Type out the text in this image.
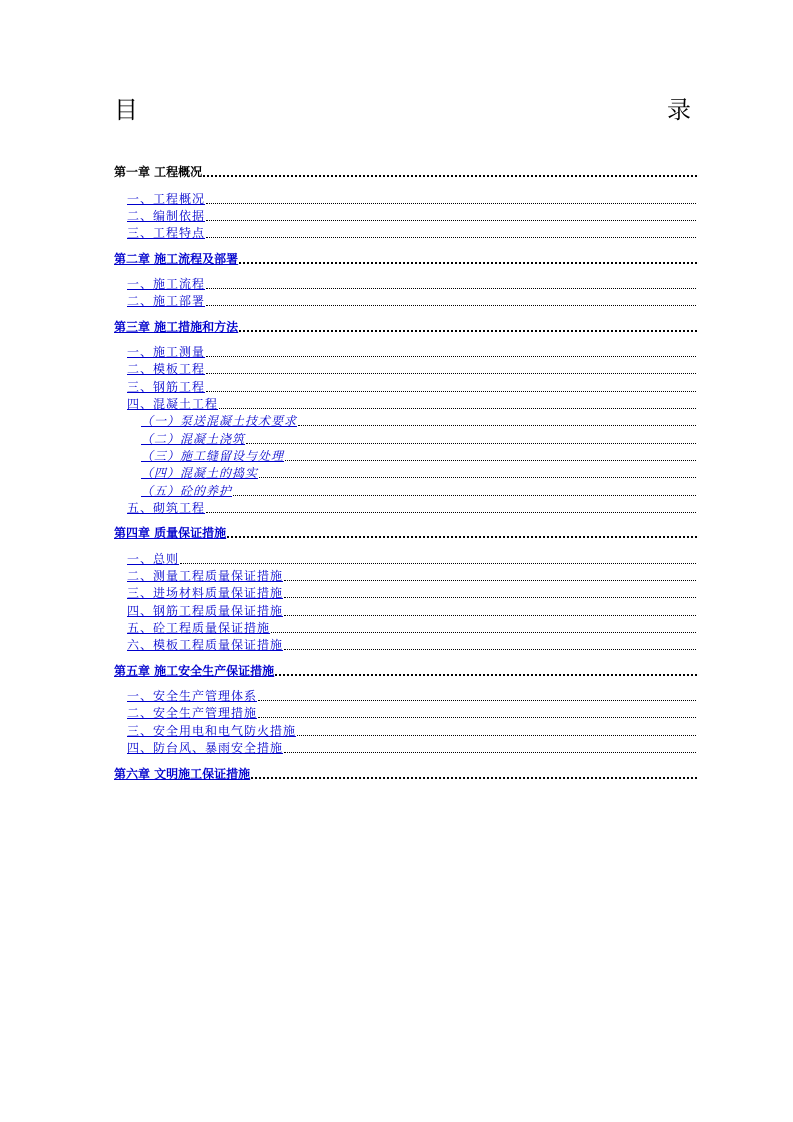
目	录
第一章 工程概况
一、工程概况
二、编制依据
三、工程特点
第二章 施工流程及部署
一、施工流程
二、施工部署
第三章 施工措施和方法
一、施工测量
二、模板工程
三、钢筋工程
四、混凝土工程
（一）泵送混凝土技术要求
（二）混凝土浇筑
（三）施工缝留设与处理
（四）混凝土的捣实
（五）砼的养护
五、砌筑工程
第四章 质量保证措施
一、总则
二、测量工程质量保证措施
三、进场材料质量保证措施
四、钢筋工程质量保证措施
五、砼工程质量保证措施
六、模板工程质量保证措施
第五章 施工安全生产保证措施
一、安全生产管理体系
二、安全生产管理措施
三、安全用电和电气防火措施
四、防台风、暴雨安全措施
第六章 文明施工保证措施
